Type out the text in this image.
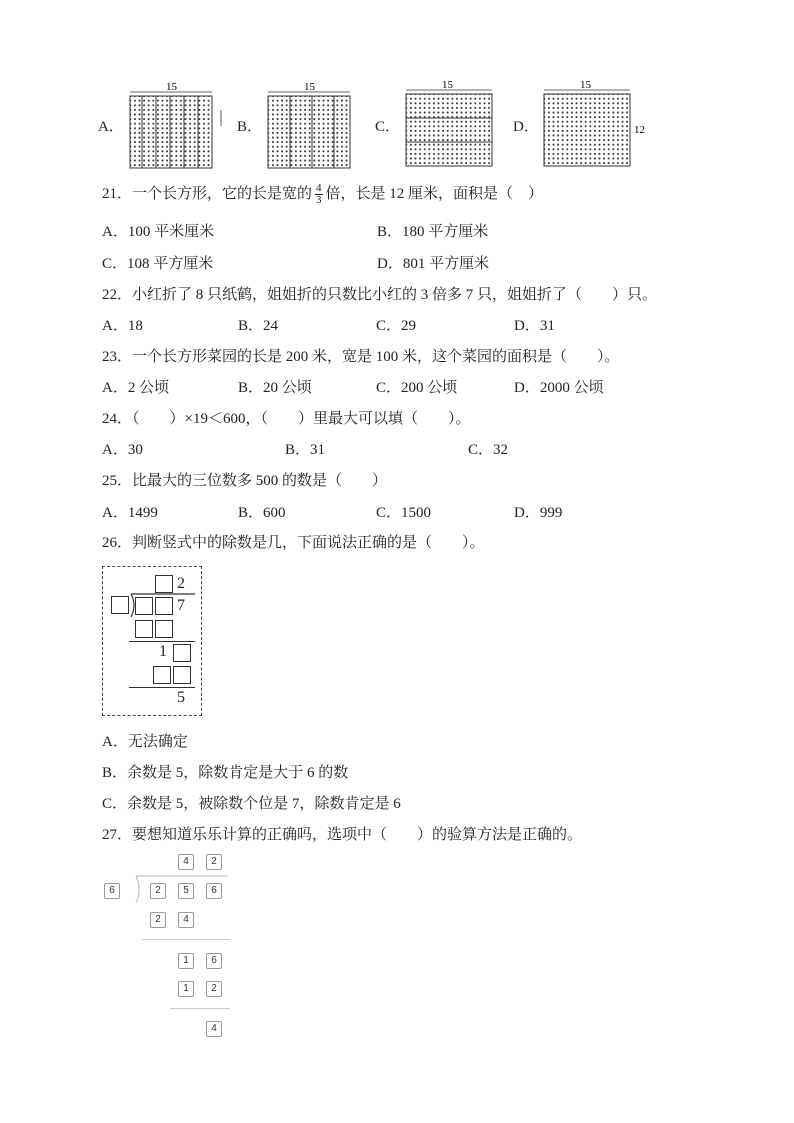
A．
15
B．
15
C．
15
D．
15
12
21．一个长方形，它的长是宽的 $\frac{4}{3}$ 倍，长是 12 厘米，面积是（　）
A．100 平米厘米	B．180 平方厘米
C．108 平方厘米	D．801 平方厘米
22．小红折了 8 只纸鹤，姐姐折的只数比小红的 3 倍多 7 只，姐姐折了（　　）只。
A．18	B．24	C．29	D．31
23．一个长方形菜园的长是 200 米，宽是 100 米，这个菜园的面积是（　　）。
A．2 公顷	B．20 公顷	C．200 公顷	D．2000 公顷
24．（　　）×19＜600，（　　）里最大可以填（　　）。
A．30	B．31	C．32
25．比最大的三位数多 500 的数是（　　）
A．1499	B．600	C．1500	D．999
26．判断竖式中的除数是几，下面说法正确的是（　　）。
2
7
1
5
A．无法确定
B．余数是 5，除数肯定是大于 6 的数
C．余数是 5，被除数个位是 7，除数肯定是 6
27．要想知道乐乐计算的正确吗，选项中（　　）的验算方法是正确的。
4	2
6	2	5	6
2	4
1	6
1	2
4
